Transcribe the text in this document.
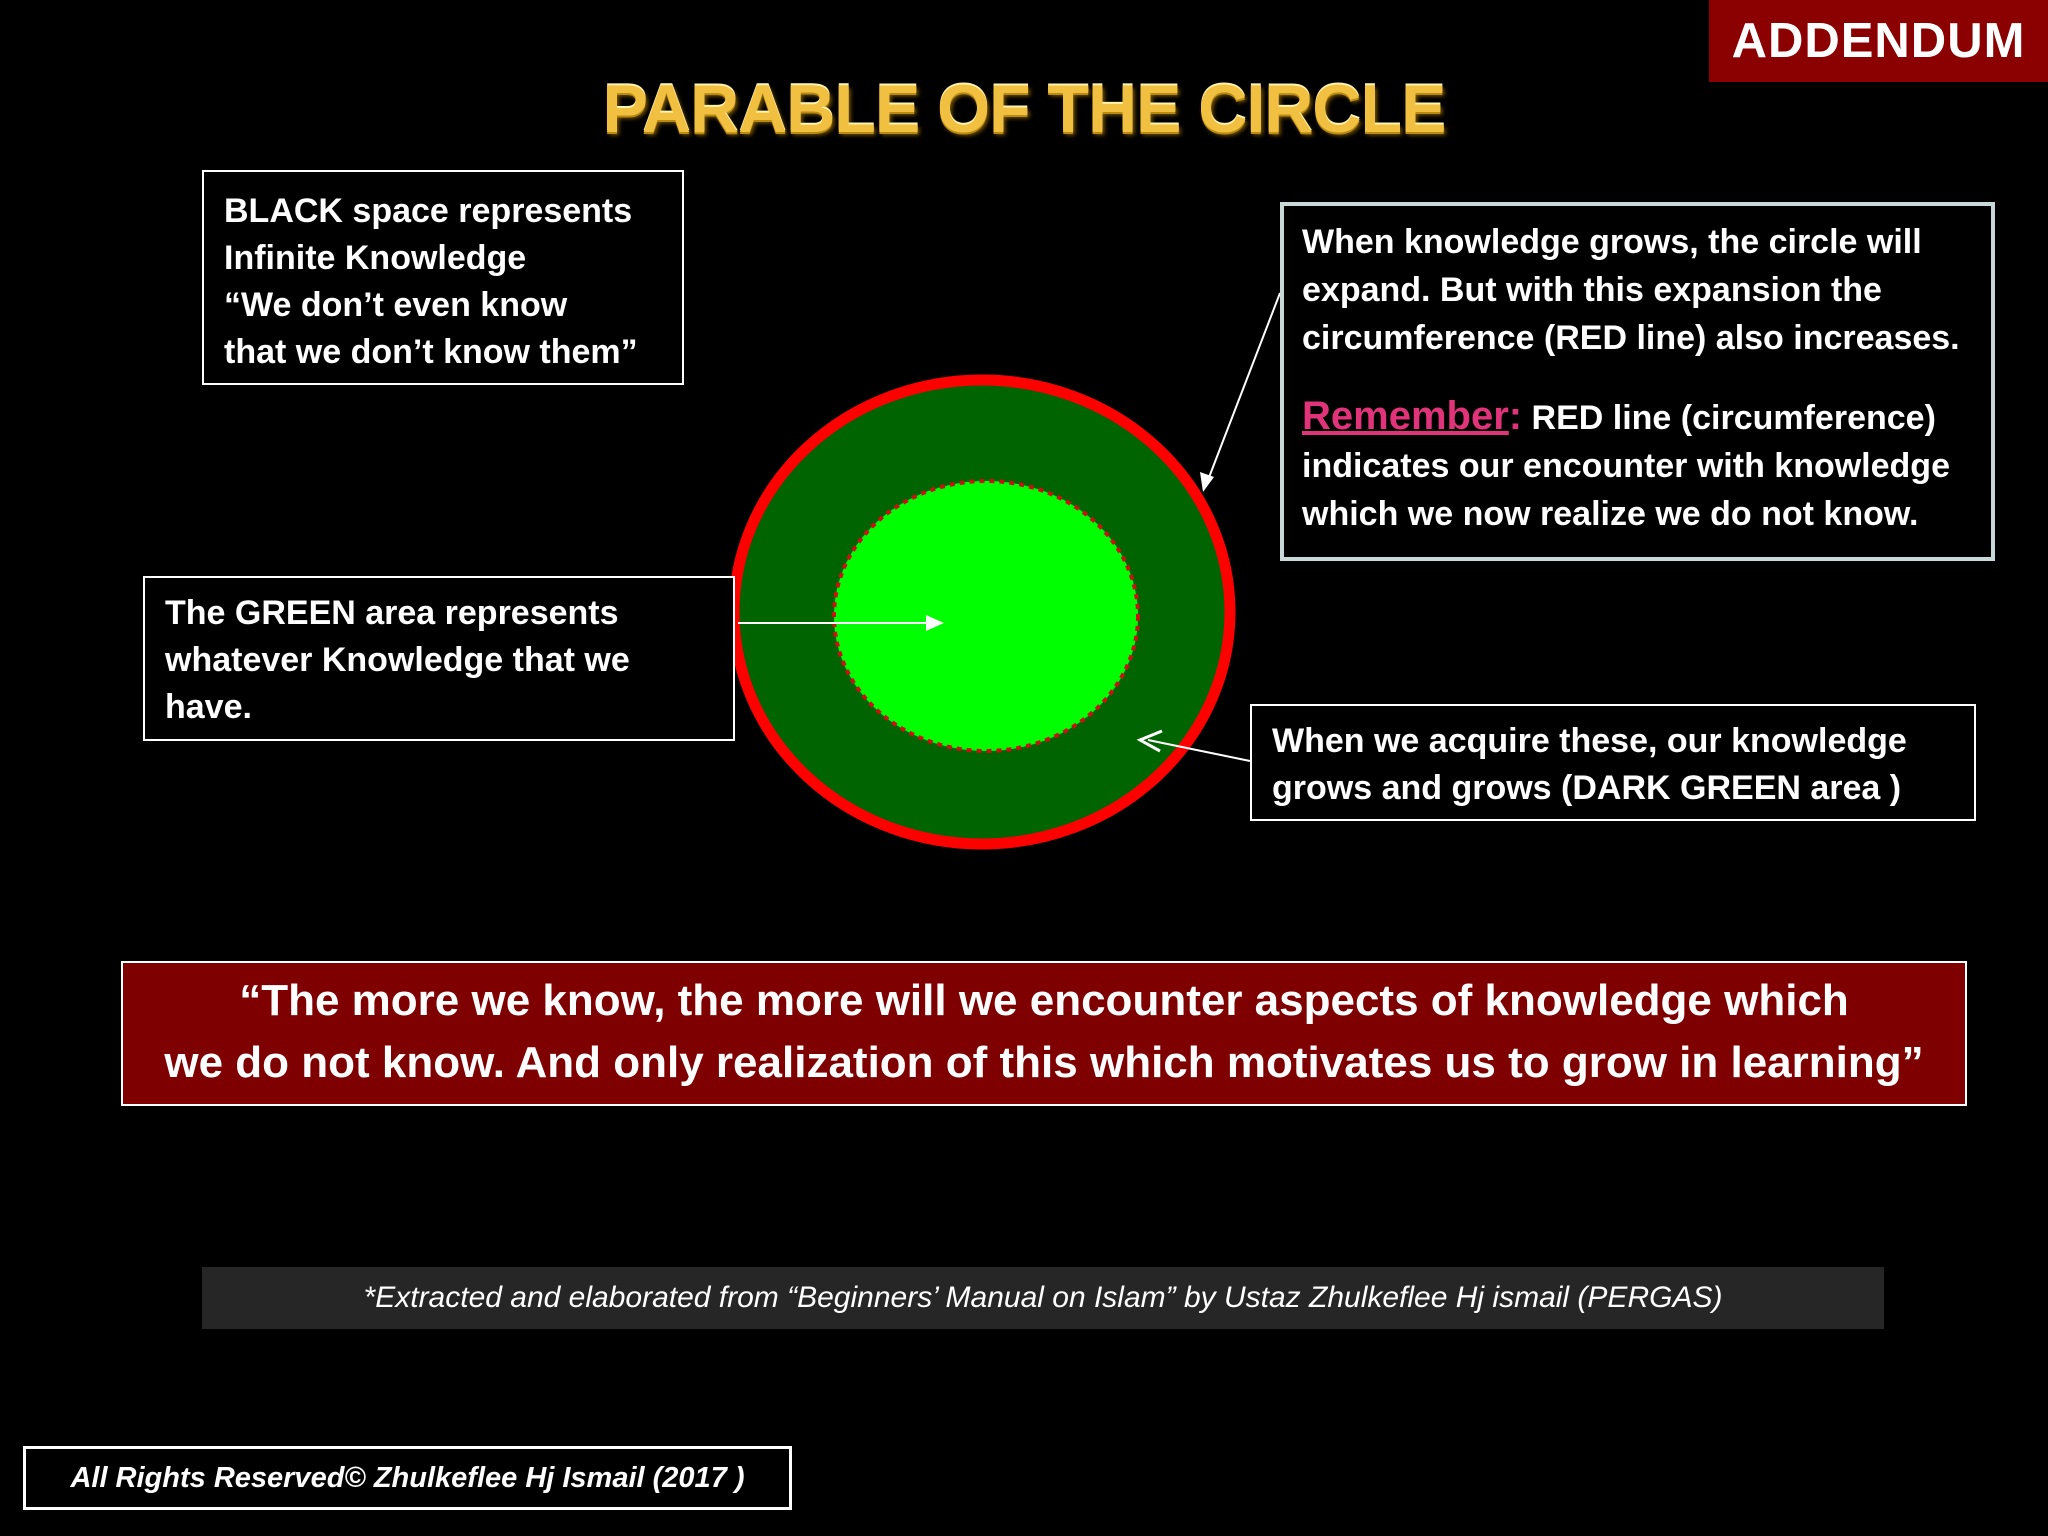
ADDENDUM
PARABLE OF THE CIRCLE
BLACK space represents
Infinite Knowledge
“We don’t even know
that we don’t know them”
The GREEN area represents whatever Knowledge that we have.
When knowledge grows, the circle will expand. But with this expansion the circumference (RED line) also increases.
Remember: RED line (circumference) indicates our encounter with knowledge
which we now realize we do not know.
When we acquire these, our knowledge grows and grows (DARK GREEN area )
“The more we know, the more will we encounter aspects of knowledge which
we do not know. And only realization of this which motivates us to grow in learning”
*Extracted and elaborated from “Beginners’ Manual on Islam” by Ustaz Zhulkeflee Hj ismail (PERGAS)
All Rights Reserved© Zhulkeflee Hj Ismail (2017 )
